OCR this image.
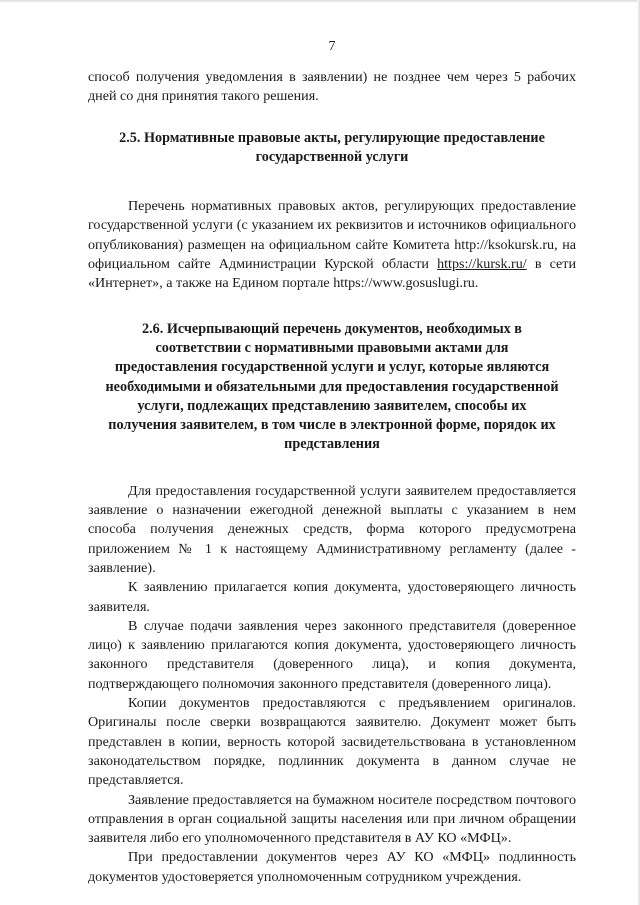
7

способ получения уведомления в заявлении) не позднее чем через 5 рабочих дней со дня принятия такого решения.

2.5. Нормативные правовые акты, регулирующие предоставление государственной услуги

Перечень нормативных правовых актов, регулирующих предоставление государственной услуги (с указанием их реквизитов и источников официального опубликования) размещен на официальном сайте Комитета http://ksokursk.ru, на официальном сайте Администрации Курской области https://kursk.ru/ в сети «Интернет», а также на Едином портале https://www.gosuslugi.ru.

2.6. Исчерпывающий перечень документов, необходимых в
соответствии с нормативными правовыми актами для
предоставления государственной услуги и услуг, которые являются
необходимыми и обязательными для предоставления государственной
услуги, подлежащих представлению заявителем, способы их
получения заявителем, в том числе в электронной форме, порядок их
представления

Для предоставления государственной услуги заявителем предоставляется заявление о назначении ежегодной денежной выплаты с указанием в нем способа получения денежных средств, форма которого предусмотрена приложением № 1 к настоящему Административному регламенту (далее - заявление).

К заявлению прилагается копия документа, удостоверяющего личность заявителя.

В случае подачи заявления через законного представителя (доверенное лицо) к заявлению прилагаются копия документа, удостоверяющего личность законного представителя (доверенного лица), и копия документа, подтверждающего полномочия законного представителя (доверенного лица).

Копии документов предоставляются с предъявлением оригиналов. Оригиналы после сверки возвращаются заявителю. Документ может быть представлен в копии, верность которой засвидетельствована в установленном законодательством порядке, подлинник документа в данном случае не представляется.

Заявление предоставляется на бумажном носителе посредством почтового отправления в орган социальной защиты населения или при личном обращении заявителя либо его уполномоченного представителя в АУ КО «МФЦ».

При предоставлении документов через АУ КО «МФЦ» подлинность документов удостоверяется уполномоченным сотрудником учреждения.
